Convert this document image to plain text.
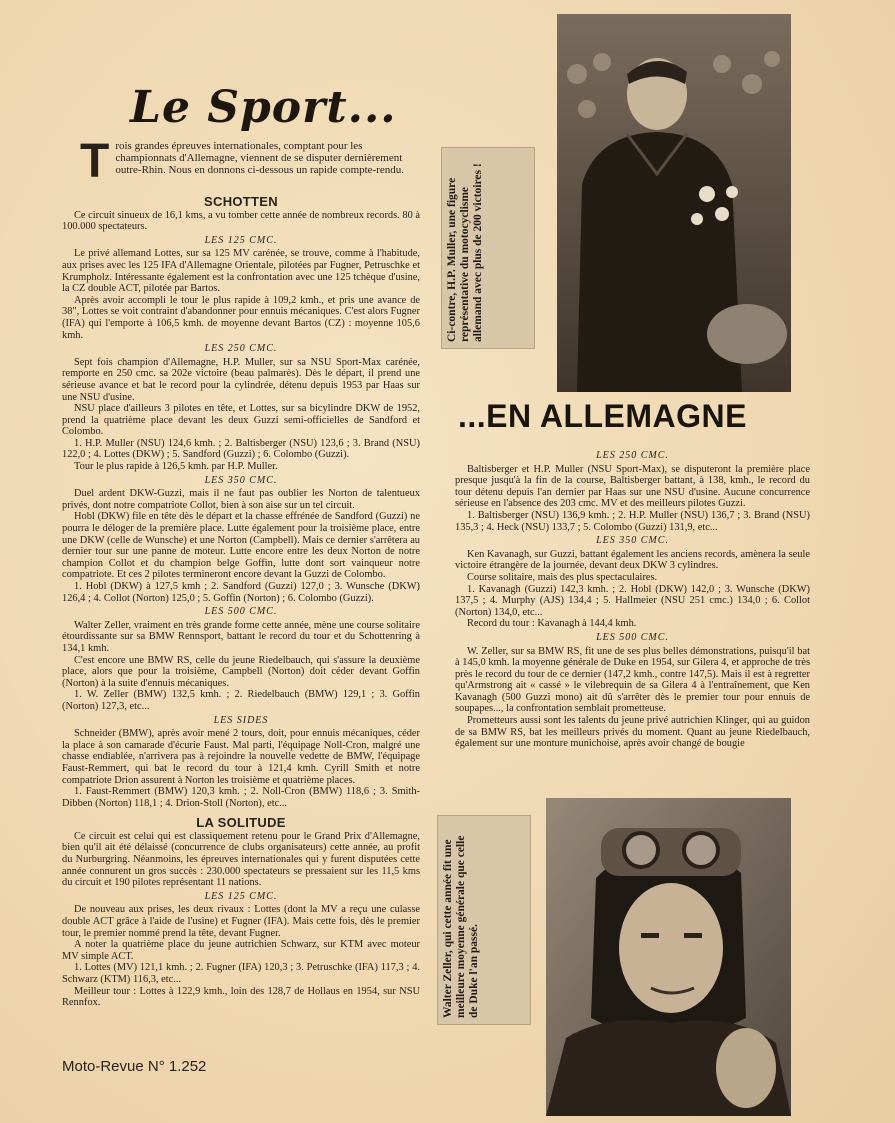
Le Sport...
T rois grandes épreuves internationales, comptant pour les championnats d'Allemagne, viennent de se disputer dernièrement outre-Rhin. Nous en donnons ci-dessous un rapide compte-rendu.
SCHOTTEN

Ce circuit sinueux de 16,1 kms, a vu tomber cette année de nombreux records. 80 à 100.000 spectateurs.

LES 125 CMC.

Le privé allemand Lottes, sur sa 125 MV carénée, se trouve, comme à l'habitude, aux prises avec les 125 IFA d'Allemagne Orientale, pilotées par Fugner, Petruschke et Krumpholz. Intéressante également est la confrontation avec une 125 tchèque d'usine, la CZ double ACT, pilotée par Bartos.

Après avoir accompli le tour le plus rapide à 109,2 kmh., et pris une avance de 38", Lottes se voit contraint d'abandonner pour ennuis mécaniques. C'est alors Fugner (IFA) qui l'emporte à 106,5 kmh. de moyenne devant Bartos (CZ) : moyenne 105,6 kmh.

LES 250 CMC.

Sept fois champion d'Allemagne, H.P. Muller, sur sa NSU Sport-Max carénée, remporte en 250 cmc. sa 202e victoire (beau palmarès). Dès le départ, il prend une sérieuse avance et bat le record pour la cylindrée, détenu depuis 1953 par Haas sur une NSU d'usine.

NSU place d'ailleurs 3 pilotes en tête, et Lottes, sur sa bicylindre DKW de 1952, prend la quatrième place devant les deux Guzzi semi-officielles de Sandford et Colombo.

1. H.P. Muller (NSU) 124,6 kmh. ; 2. Baltisberger (NSU) 123,6 ; 3. Brand (NSU) 122,0 ; 4. Lottes (DKW) ; 5. Sandford (Guzzi) ; 6. Colombo (Guzzi).

Tour le plus rapide à 126,5 kmh. par H.P. Muller.

LES 350 CMC.

Duel ardent DKW-Guzzi, mais il ne faut pas oublier les Norton de talentueux privés, dont notre compatriote Collot, bien à son aise sur un tel circuit.

Hobl (DKW) file en tête dès le départ et la chasse effrénée de Sandford (Guzzi) ne pourra le déloger de la première place. Lutte également pour la troisième place, entre une DKW (celle de Wunsche) et une Norton (Campbell). Mais ce dernier s'arrêtera au dernier tour sur une panne de moteur. Lutte encore entre les deux Norton de notre champion Collot et du champion belge Goffin, lutte dont sort vainqueur notre compatriote. Et ces 2 pilotes termineront encore devant la Guzzi de Colombo.

1. Hobl (DKW) à 127,5 kmh ; 2. Sandford (Guzzi) 127,0 ; 3. Wunsche (DKW) 126,4 ; 4. Collot (Norton) 125,0 ; 5. Goffin (Norton) ; 6. Colombo (Guzzi).

LES 500 CMC.

Walter Zeller, vraiment en très grande forme cette année, mène une course solitaire étourdissante sur sa BMW Rennsport, battant le record du tour et du Schottenring à 134,1 kmh.

C'est encore une BMW RS, celle du jeune Riedelbauch, qui s'assure la deuxième place, alors que pour la troisième, Campbell (Norton) doit céder devant Goffin (Norton) à la suite d'ennuis mécaniques.

1. W. Zeller (BMW) 132,5 kmh. ; 2. Riedelbauch (BMW) 129,1 ; 3. Goffin (Norton) 127,3, etc...

LES SIDES

Schneider (BMW), après avoir mené 2 tours, doit, pour ennuis mécaniques, céder la place à son camarade d'écurie Faust. Mal parti, l'équipage Noll-Cron, malgré une chasse endiablée, n'arrivera pas à rejoindre la nouvelle vedette de BMW, l'équipage Faust-Remmert, qui bat le record du tour à 121,4 kmh. Cyrill Smith et notre compatriote Drion assurent à Norton les troisième et quatrième places.

1. Faust-Remmert (BMW) 120,3 kmh. ; 2. Noll-Cron (BMW) 118,6 ; 3. Smith-Dibben (Norton) 118,1 ; 4. Drion-Stoll (Norton), etc...

LA SOLITUDE

Ce circuit est celui qui est classiquement retenu pour le Grand Prix d'Allemagne, bien qu'il ait été délaissé (concurrence de clubs organisateurs) cette année, au profit du Nurburgring. Néanmoins, les épreuves internationales qui y furent disputées cette année connurent un gros succès : 230.000 spectateurs se pressaient sur les 11,5 kms du circuit et 190 pilotes représentant 11 nations.

LES 125 CMC.

De nouveau aux prises, les deux rivaux : Lottes (dont la MV a reçu une culasse double ACT grâce à l'aide de l'usine) et Fugner (IFA). Mais cette fois, dès le premier tour, le premier nommé prend la tête, devant Fugner.

A noter la quatrième place du jeune autrichien Schwarz, sur KTM avec moteur MV simple ACT.

1. Lottes (MV) 121,1 kmh. ; 2. Fugner (IFA) 120,3 ; 3. Petruschke (IFA) 117,3 ; 4. Schwarz (KTM) 116,3, etc...

Meilleur tour : Lottes à 122,9 kmh., loin des 128,7 de Hollaus en 1954, sur NSU Rennfox.

Ci-contre, H.P. Muller, une figure représentative du motocyclisme allemand avec plus de 200 victoires !
...EN ALLEMAGNE
LES 250 CMC.

Baltisberger et H.P. Muller (NSU Sport-Max), se disputeront la première place presque jusqu'à la fin de la course, Baltisberger battant, à 138, kmh., le record du tour détenu depuis l'an dernier par Haas sur une NSU d'usine. Aucune concurrence sérieuse en l'absence des 203 cmc. MV et des meilleurs pilotes Guzzi.

1. Baltisberger (NSU) 136,9 kmh. ; 2. H.P. Muller (NSU) 136,7 ; 3. Brand (NSU) 135,3 ; 4. Heck (NSU) 133,7 ; 5. Colombo (Guzzi) 131,9, etc...

LES 350 CMC.

Ken Kavanagh, sur Guzzi, battant également les anciens records, amènera la seule victoire étrangère de la journée, devant deux DKW 3 cylindres.

Course solitaire, mais des plus spectaculaires.

1. Kavanagh (Guzzi) 142,3 kmh. ; 2. Hobl (DKW) 142,0 ; 3. Wunsche (DKW) 137,5 ; 4. Murphy (AJS) 134,4 ; 5. Hallmeier (NSU 251 cmc.) 134,0 ; 6. Collot (Norton) 134,0, etc...

Record du tour : Kavanagh à 144,4 kmh.

LES 500 CMC.

W. Zeller, sur sa BMW RS, fit une de ses plus belles démonstrations, puisqu'il bat à 145,0 kmh. la moyenne générale de Duke en 1954, sur Gilera 4, et approche de très près le record du tour de ce dernier (147,2 kmh., contre 147,5). Mais il est à regretter qu'Armstrong ait « cassé » le vilebrequin de sa Gilera 4 à l'entraînement, que Ken Kavanagh (500 Guzzi mono) ait dû s'arrêter dès le premier tour pour ennuis de soupapes..., la confrontation semblait prometteuse.

Prometteurs aussi sont les talents du jeune privé autrichien Klinger, qui au guidon de sa BMW RS, bat les meilleurs privés du moment. Quant au jeune Riedelbauch, également sur une monture munichoise, après avoir changé de bougie

Walter Zeller, qui cette année fit une meilleure moyenne générale que celle de Duke l'an passé.
Moto-Revue N° 1.252
